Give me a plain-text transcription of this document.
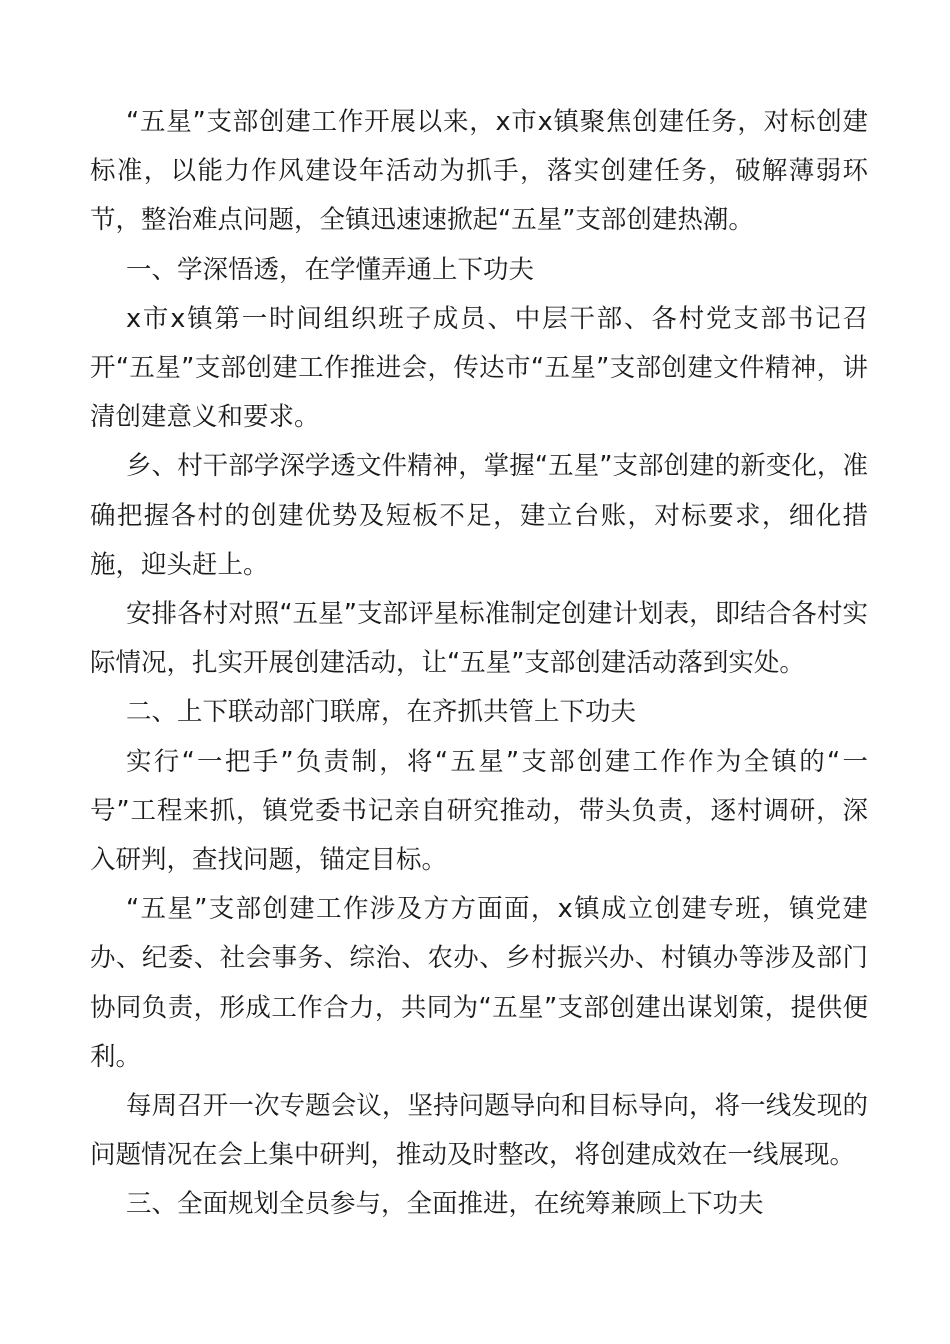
“五星”支部创建工作开展以来，x市x镇聚焦创建任务，对标创建标准，以能力作风建设年活动为抓手，落实创建任务，破解薄弱环节，整治难点问题，全镇迅速速掀起“五星”支部创建热潮。

一、学深悟透，在学懂弄通上下功夫

x市x镇第一时间组织班子成员、中层干部、各村党支部书记召开“五星”支部创建工作推进会，传达市“五星”支部创建文件精神，讲清创建意义和要求。

乡、村干部学深学透文件精神，掌握“五星”支部创建的新变化，准确把握各村的创建优势及短板不足，建立台账，对标要求，细化措施，迎头赶上。

安排各村对照“五星”支部评星标准制定创建计划表，即结合各村实际情况，扎实开展创建活动，让“五星”支部创建活动落到实处。

二、上下联动部门联席，在齐抓共管上下功夫

实行“一把手”负责制，将“五星”支部创建工作作为全镇的“一号”工程来抓，镇党委书记亲自研究推动，带头负责，逐村调研，深入研判，查找问题，锚定目标。

“五星”支部创建工作涉及方方面面，x镇成立创建专班，镇党建办、纪委、社会事务、综治、农办、乡村振兴办、村镇办等涉及部门协同负责，形成工作合力，共同为“五星”支部创建出谋划策，提供便利。

每周召开一次专题会议，坚持问题导向和目标导向，将一线发现的问题情况在会上集中研判，推动及时整改，将创建成效在一线展现。

三、全面规划全员参与，全面推进，在统筹兼顾上下功夫
